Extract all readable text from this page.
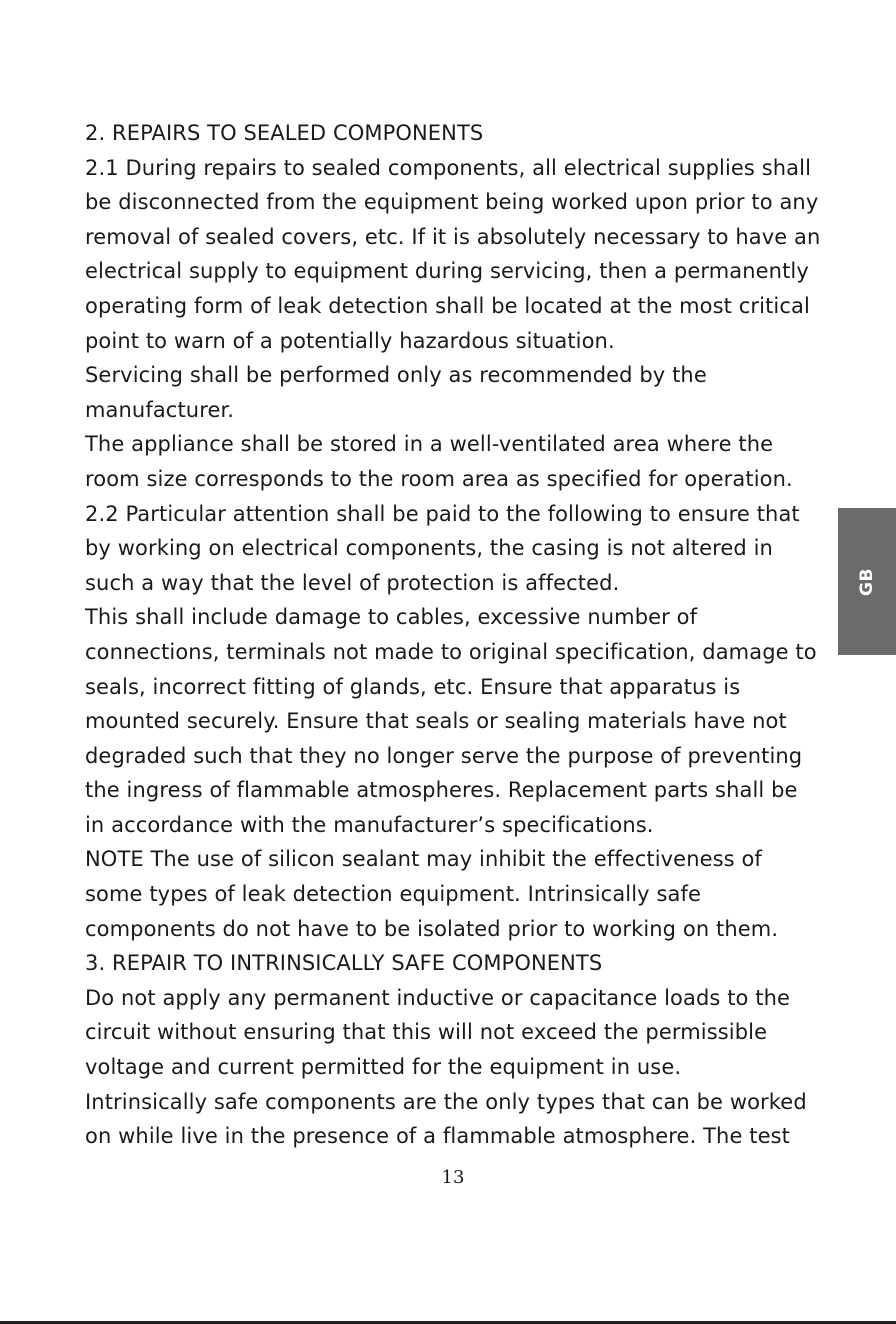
2. REPAIRS TO SEALED COMPONENTS
2.1 During repairs to sealed components, all electrical supplies shall
be disconnected from the equipment being worked upon prior to any
removal of sealed covers, etc. If it is absolutely necessary to have an
electrical supply to equipment during servicing, then a permanently
operating form of leak detection shall be located at the most critical
point to warn of a potentially hazardous situation.
Servicing shall be performed only as recommended by the
manufacturer.
The appliance shall be stored in a well-ventilated area where the
room size corresponds to the room area as specified for operation.
2.2 Particular attention shall be paid to the following to ensure that
by working on electrical components, the casing is not altered in
such a way that the level of protection is affected.
This shall include damage to cables, excessive number of
connections, terminals not made to original specification, damage to
seals, incorrect fitting of glands, etc. Ensure that apparatus is
mounted securely. Ensure that seals or sealing materials have not
degraded such that they no longer serve the purpose of preventing
the ingress of flammable atmospheres. Replacement parts shall be
in accordance with the manufacturer’s specifications.
NOTE The use of silicon sealant may inhibit the effectiveness of
some types of leak detection equipment. Intrinsically safe
components do not have to be isolated prior to working on them.
3. REPAIR TO INTRINSICALLY SAFE COMPONENTS
Do not apply any permanent inductive or capacitance loads to the
circuit without ensuring that this will not exceed the permissible
voltage and current permitted for the equipment in use.
Intrinsically safe components are the only types that can be worked
on while live in the presence of a flammable atmosphere. The test
GB
13
